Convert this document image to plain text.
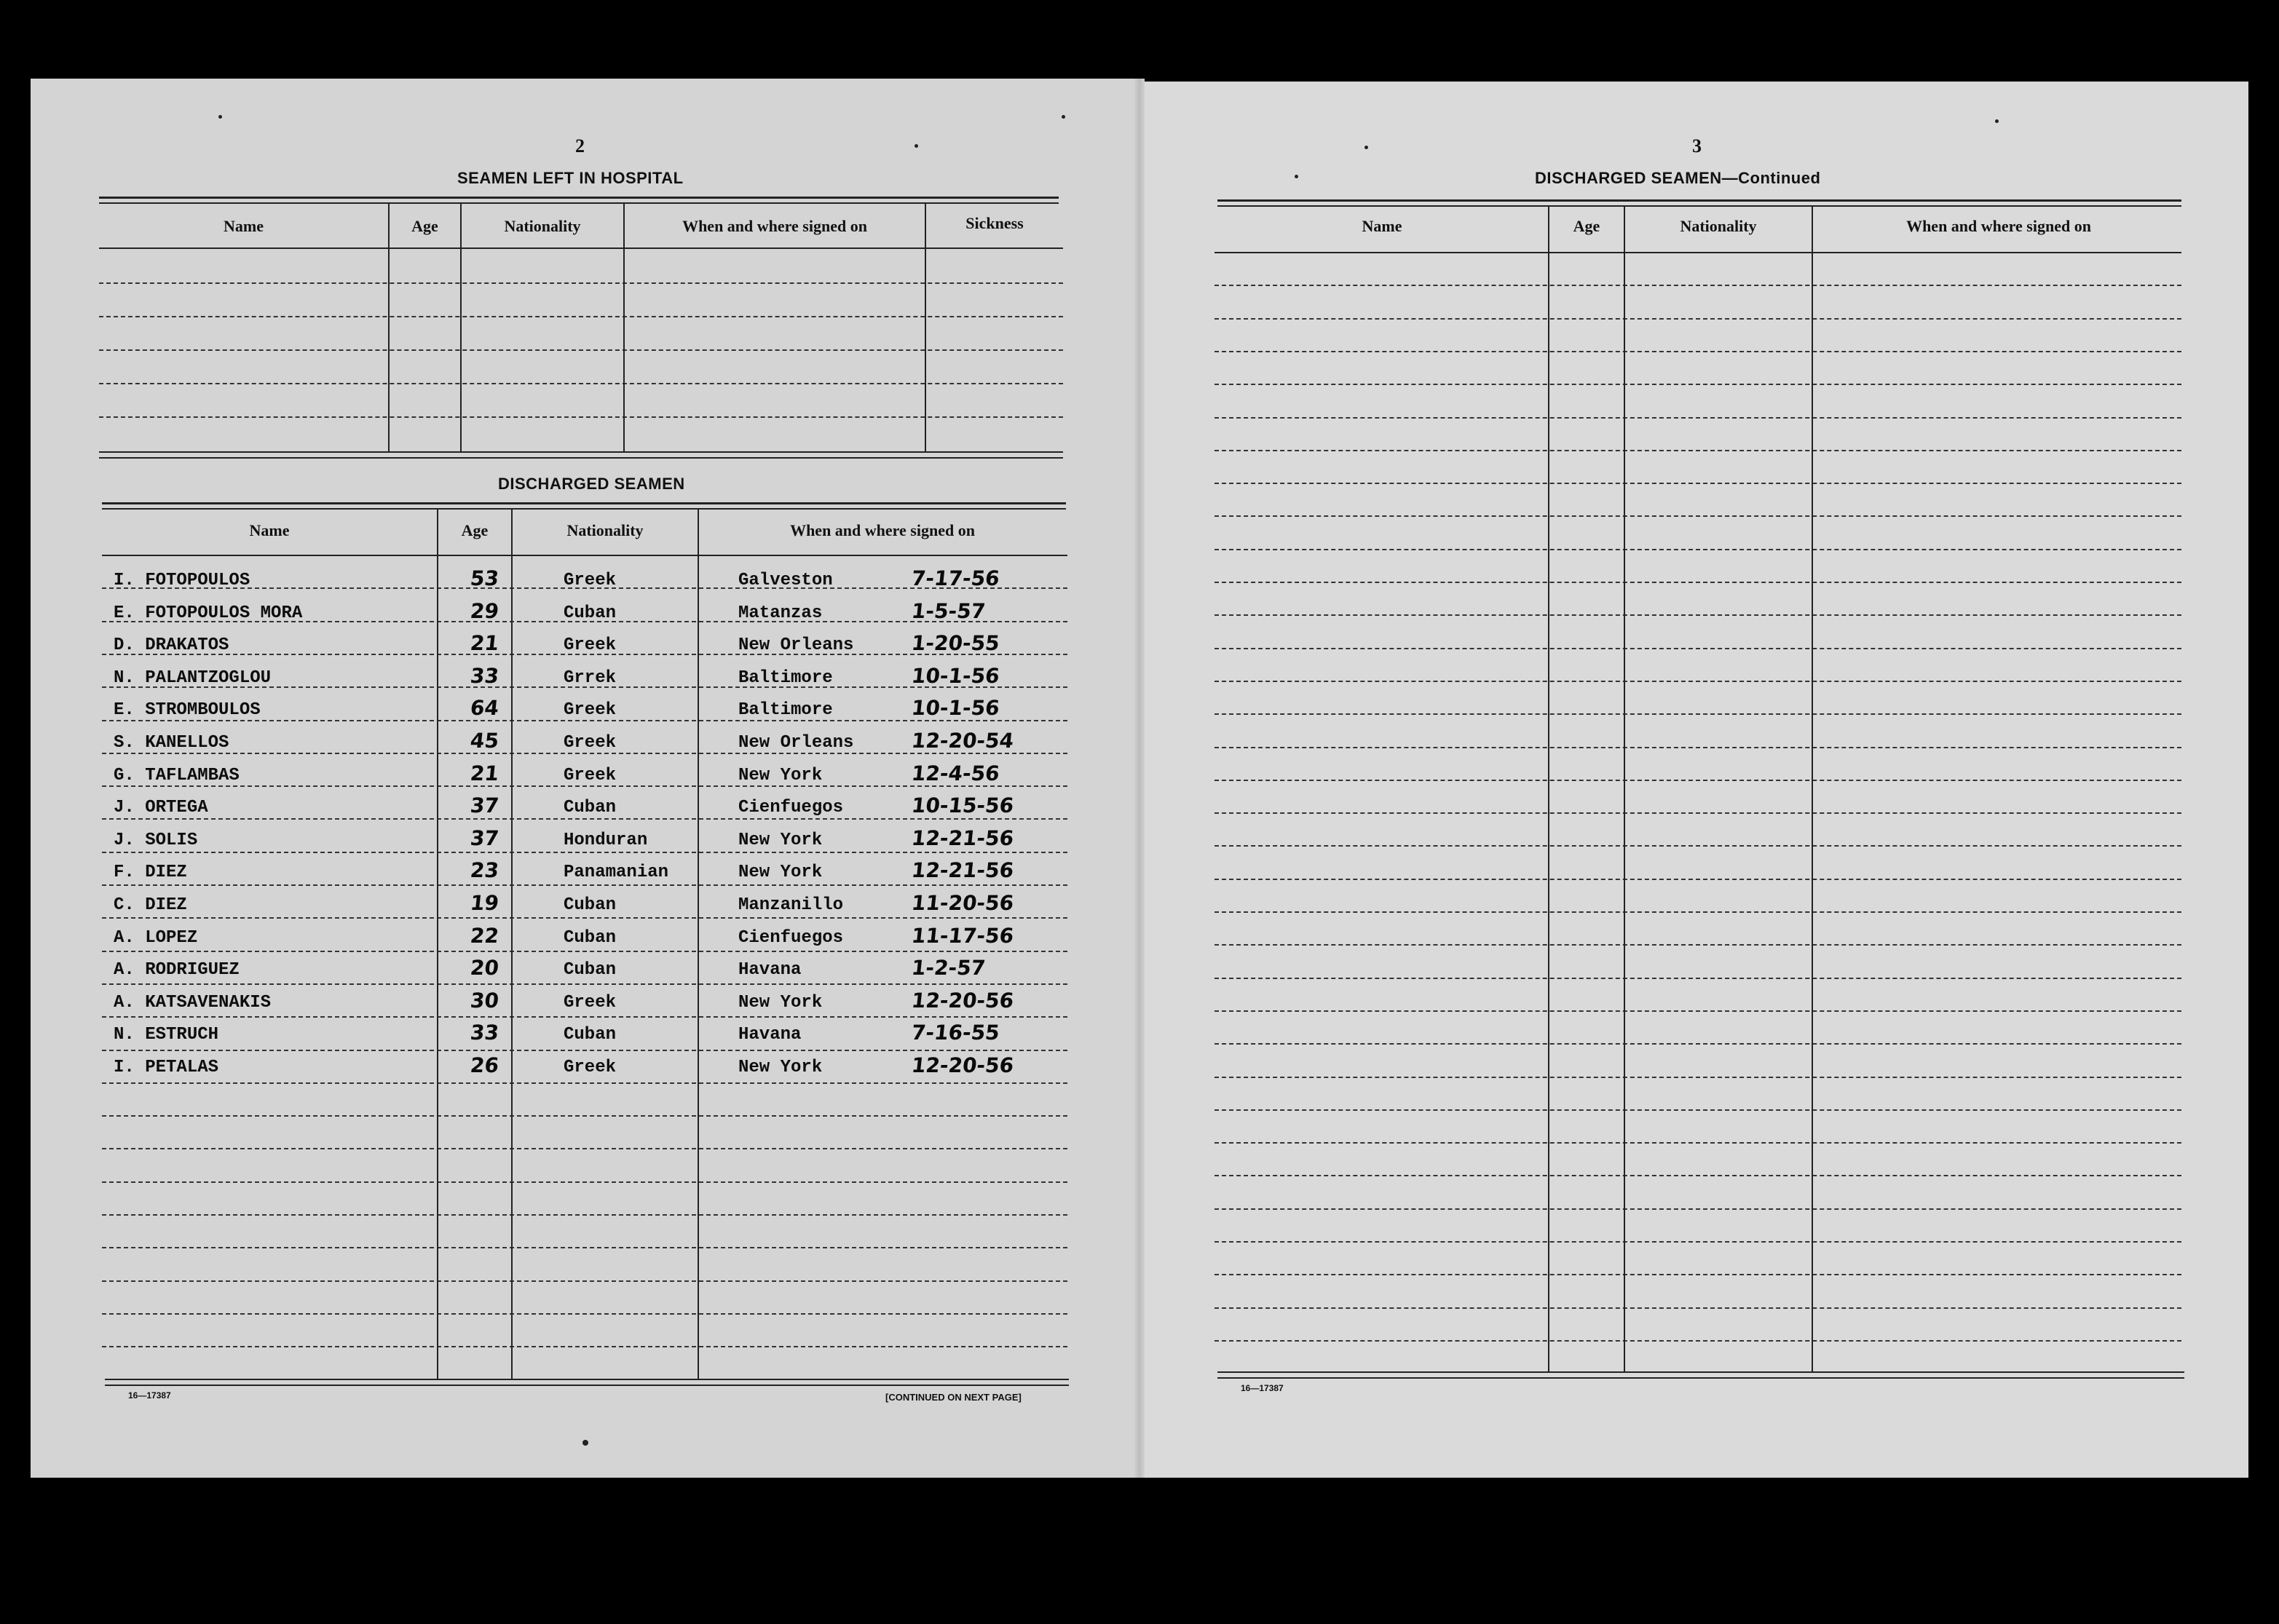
2
SEAMEN LEFT IN HOSPITAL
Name	Age	Nationality	When and where signed on	Sickness
DISCHARGED SEAMEN
Name	Age	Nationality	When and where signed on
I. FOTOPOULOS	53	Greek	Galveston	7-17-56
E. FOTOPOULOS MORA	29	Cuban	Matanzas	1-5-57
D. DRAKATOS	21	Greek	New Orleans	1-20-55
N. PALANTZOGLOU	33	Grrek	Baltimore	10-1-56
E. STROMBOULOS	64	Greek	Baltimore	10-1-56
S. KANELLOS	45	Greek	New Orleans	12-20-54
G. TAFLAMBAS	21	Greek	New York	12-4-56
J. ORTEGA	37	Cuban	Cienfuegos	10-15-56
J. SOLIS	37	Honduran	New York	12-21-56
F. DIEZ	23	Panamanian	New York	12-21-56
C. DIEZ	19	Cuban	Manzanillo	11-20-56
A. LOPEZ	22	Cuban	Cienfuegos	11-17-56
A. RODRIGUEZ	20	Cuban	Havana	1-2-57
A. KATSAVENAKIS	30	Greek	New York	12-20-56
N. ESTRUCH	33	Cuban	Havana	7-16-55
I. PETALAS	26	Greek	New York	12-20-56
16—17387	[CONTINUED ON NEXT PAGE]
3
DISCHARGED SEAMEN—Continued
Name	Age	Nationality	When and where signed on
16—17387
